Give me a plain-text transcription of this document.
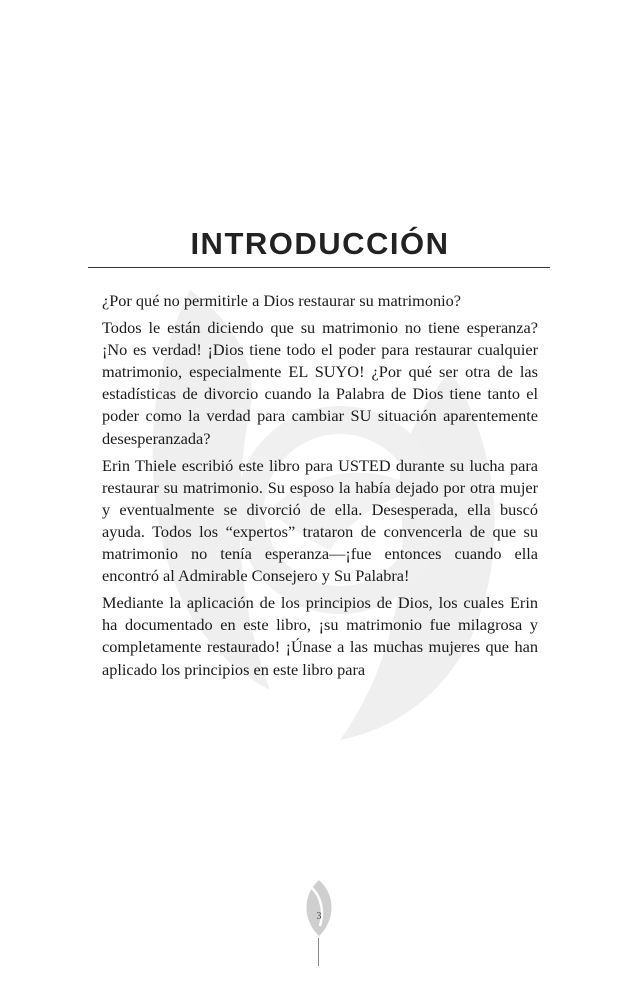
INTRODUCCIÓN

¿Por qué no permitirle a Dios restaurar su matrimonio?

Todos le están diciendo que su matrimonio no tiene esperanza? ¡No es verdad! ¡Dios tiene todo el poder para restaurar cualquier matrimonio, especialmente EL SUYO! ¿Por qué ser otra de las estadísticas de divorcio cuando la Palabra de Dios tiene tanto el poder como la verdad para cambiar SU situación aparentemente desesperanzada?

Erin Thiele escribió este libro para USTED durante su lucha para restaurar su matrimonio. Su esposo la había dejado por otra mujer y eventualmente se divorció de ella. Desesperada, ella buscó ayuda. Todos los “expertos” trataron de convencerla de que su matrimonio no tenía esperanza—¡fue entonces cuando ella encontró al Admirable Consejero y Su Palabra!

Mediante la aplicación de los principios de Dios, los cuales Erin ha documentado en este libro, ¡su matrimonio fue milagrosa y completamente restaurado! ¡Únase a las muchas mujeres que han aplicado los principios en este libro para

3
